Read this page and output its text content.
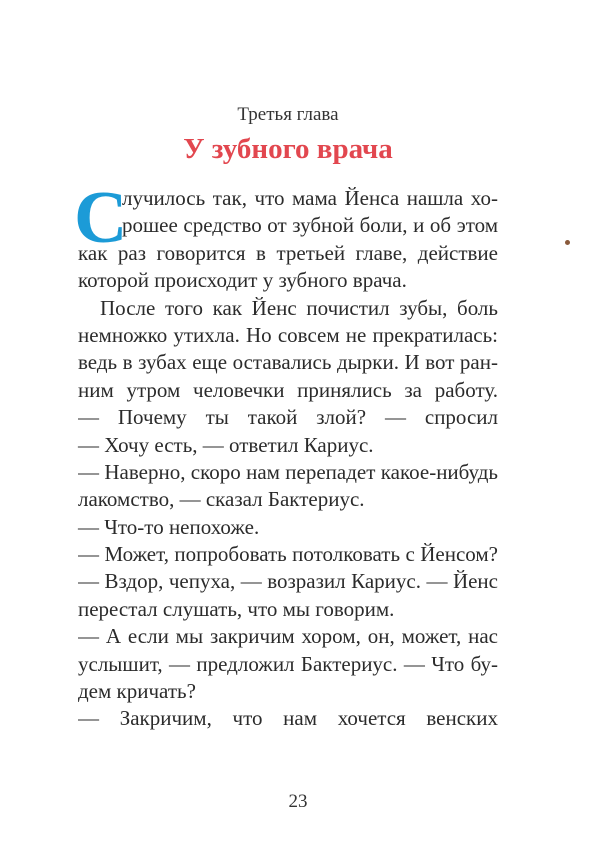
Третья глава
У зубного врача
С
лучилось так, что мама Йенса нашла хо-
рошее средство от зубной боли, и об этом
как раз говорится в третьей главе, действие
которой происходит у зубного врача.
После того как Йенс почистил зубы, боль
немножко утихла. Но совсем не прекратилась:
ведь в зубах еще оставались дырки. И вот ран-
ним утром человечки принялись за работу.
— Почему ты такой злой? — спросил
— Хочу есть, — ответил Кариус.
— Наверно, скоро нам перепадет какое-нибудь
лакомство, — сказал Бактериус.
— Что-то непохоже.
— Может, попробовать потолковать с Йенсом?
— Вздор, чепуха, — возразил Кариус. — Йенс
перестал слушать, что мы говорим.
— А если мы закричим хором, он, может, нас
услышит, — предложил Бактериус. — Что бу-
дем кричать?
— Закричим, что нам хочется венских
23
